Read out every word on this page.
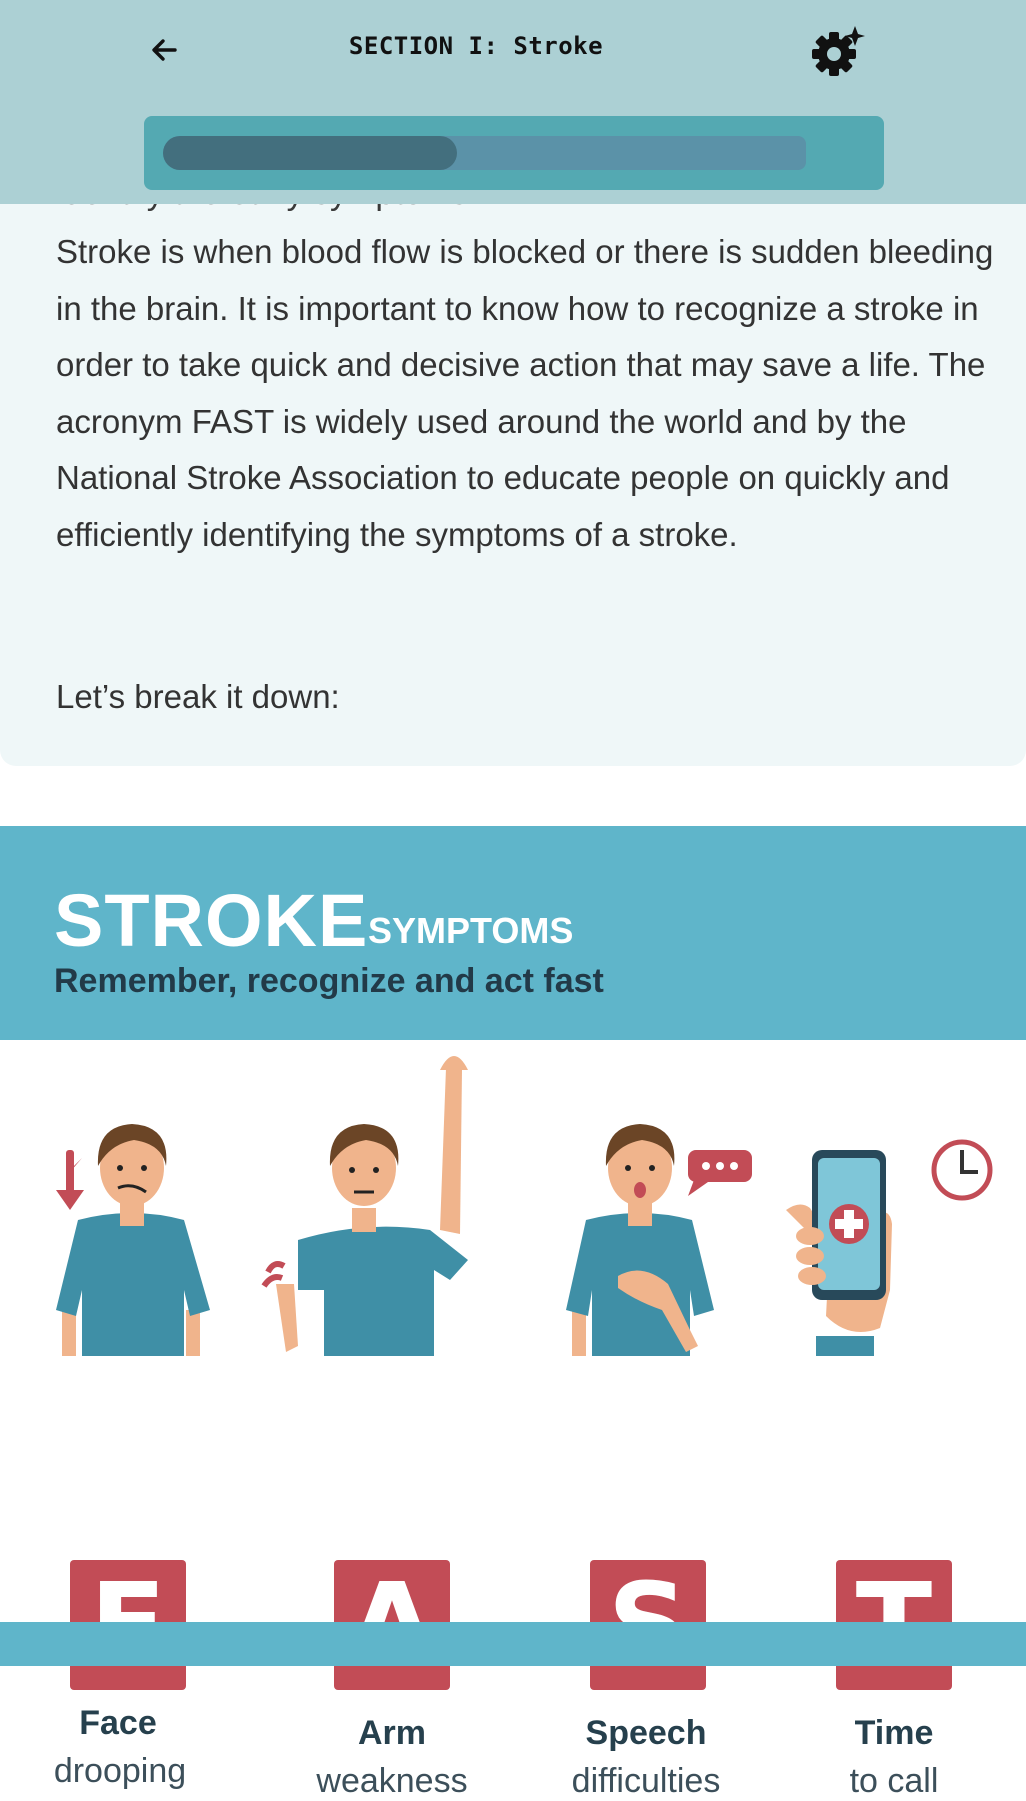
SECTION I: Stroke

Stroke is when blood flow is blocked or there is sudden bleeding in the brain. It is important to know how to recognize a stroke in order to take quick and decisive action that may save a life. The acronym FAST is widely used around the world and by the National Stroke Association to educate people on quickly and efficiently identifying the symptoms of a stroke.

Let’s break it down:

STROKE SYMPTOMS
Remember, recognize and act fast
Face
drooping
Arm
weakness
Speech
difficulties
Time
to call
